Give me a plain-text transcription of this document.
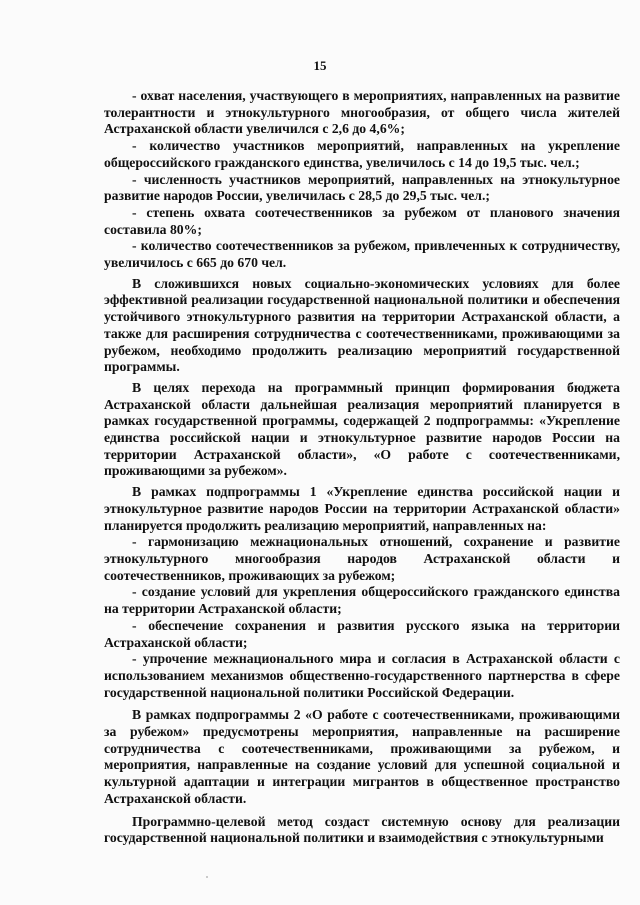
15

- охват населения, участвующего в мероприятиях, направленных на развитие толерантности и этнокультурного многообразия, от общего числа жителей Астраханской области увеличился с 2,6 до 4,6%;

- количество участников мероприятий, направленных на укрепление общероссийского гражданского единства, увеличилось с 14 до 19,5 тыс. чел.;

- численность участников мероприятий, направленных на этнокультурное развитие народов России, увеличилась с 28,5 до 29,5 тыс. чел.;

- степень охвата соотечественников за рубежом от планового значения составила 80%;

- количество соотечественников за рубежом, привлеченных к сотрудничеству, увеличилось с 665 до 670 чел.

В сложившихся новых социально-экономических условиях для более эффективной реализации государственной национальной политики и обеспечения устойчивого этнокультурного развития на территории Астраханской области, а также для расширения сотрудничества с соотечественниками, проживающими за рубежом, необходимо продолжить реализацию мероприятий государственной программы.

В целях перехода на программный принцип формирования бюджета Астраханской области дальнейшая реализация мероприятий планируется в рамках государственной программы, содержащей 2 подпрограммы: «Укрепление единства российской нации и этнокультурное развитие народов России на территории Астраханской области», «О работе с соотечественниками, проживающими за рубежом».

В рамках подпрограммы 1 «Укрепление единства российской нации и этнокультурное развитие народов России на территории Астраханской области» планируется продолжить реализацию мероприятий, направленных на:

- гармонизацию межнациональных отношений, сохранение и развитие этнокультурного многообразия народов Астраханской области и соотечественников, проживающих за рубежом;

- создание условий для укрепления общероссийского гражданского единства на территории Астраханской области;

- обеспечение сохранения и развития русского языка на территории Астраханской области;

- упрочение межнационального мира и согласия в Астраханской области с использованием механизмов общественно-государственного партнерства в сфере государственной национальной политики Российской Федерации.

В рамках подпрограммы 2 «О работе с соотечественниками, проживающими за рубежом» предусмотрены мероприятия, направленные на расширение сотрудничества с соотечественниками, проживающими за рубежом, и мероприятия, направленные на создание условий для успешной социальной и культурной адаптации и интеграции мигрантов в общественное пространство Астраханской области.

Программно-целевой метод создаст системную основу для реализации государственной национальной политики и взаимодействия с этнокультурными
